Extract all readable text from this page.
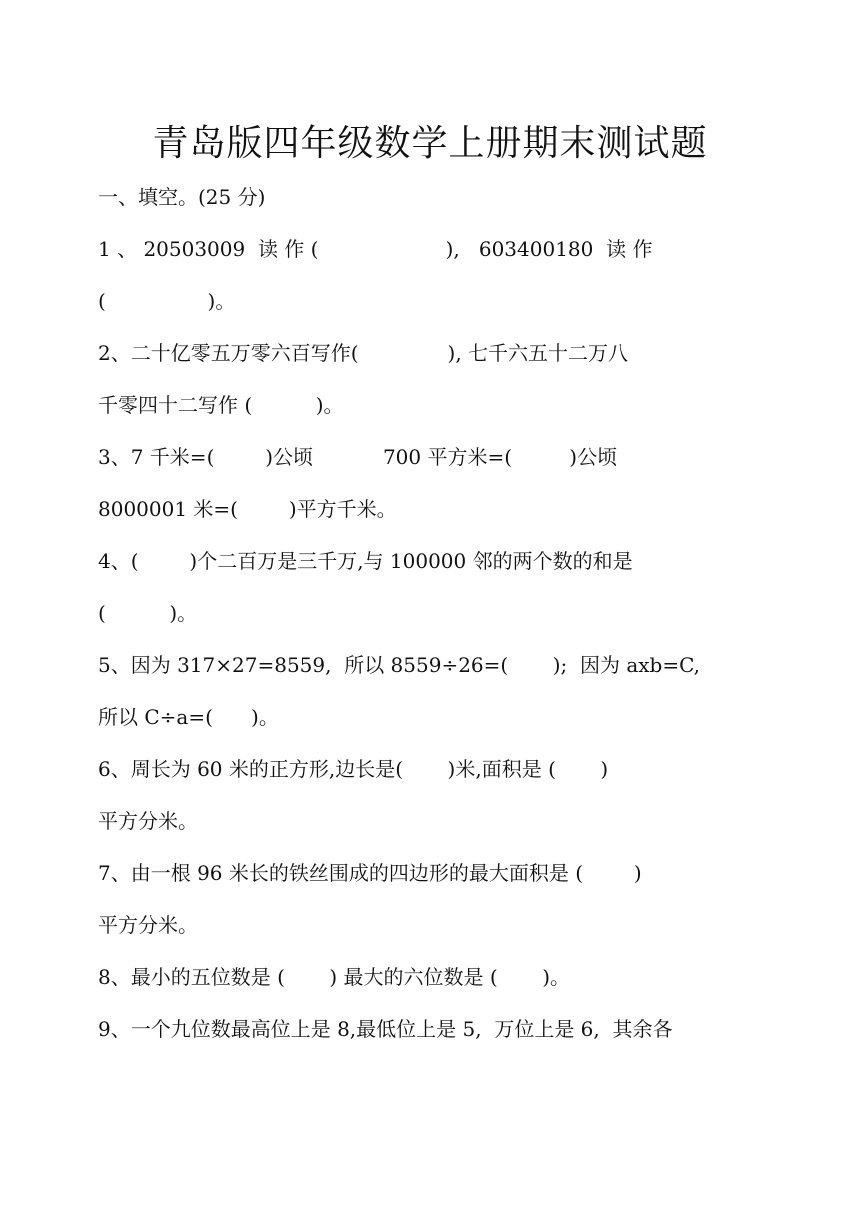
青岛版四年级数学上册期末测试题
一、填空。(25 分)
1 、 20503009  读 作 (                    ),   603400180  读 作
(                )。
2、二十亿零五万零六百写作(              ), 七千六五十二万八
千零四十二写作 (          )。
3、7 千米=(        )公顷           700 平方米=(         )公顷
8000001 米=(        )平方千米。
4、(        )个二百万是三千万,与 100000 邻的两个数的和是
(          )。
5、因为 317×27=8559,  所以 8559÷26=(       );  因为 axb=C,
所以 C÷a=(      )。
6、周长为 60 米的正方形,边长是(       )米,面积是 (       )
平方分米。
7、由一根 96 米长的铁丝围成的四边形的最大面积是 (        )
平方分米。
8、最小的五位数是 (       ) 最大的六位数是 (       )。
9、一个九位数最高位上是 8,最低位上是 5,  万位上是 6,  其余各
